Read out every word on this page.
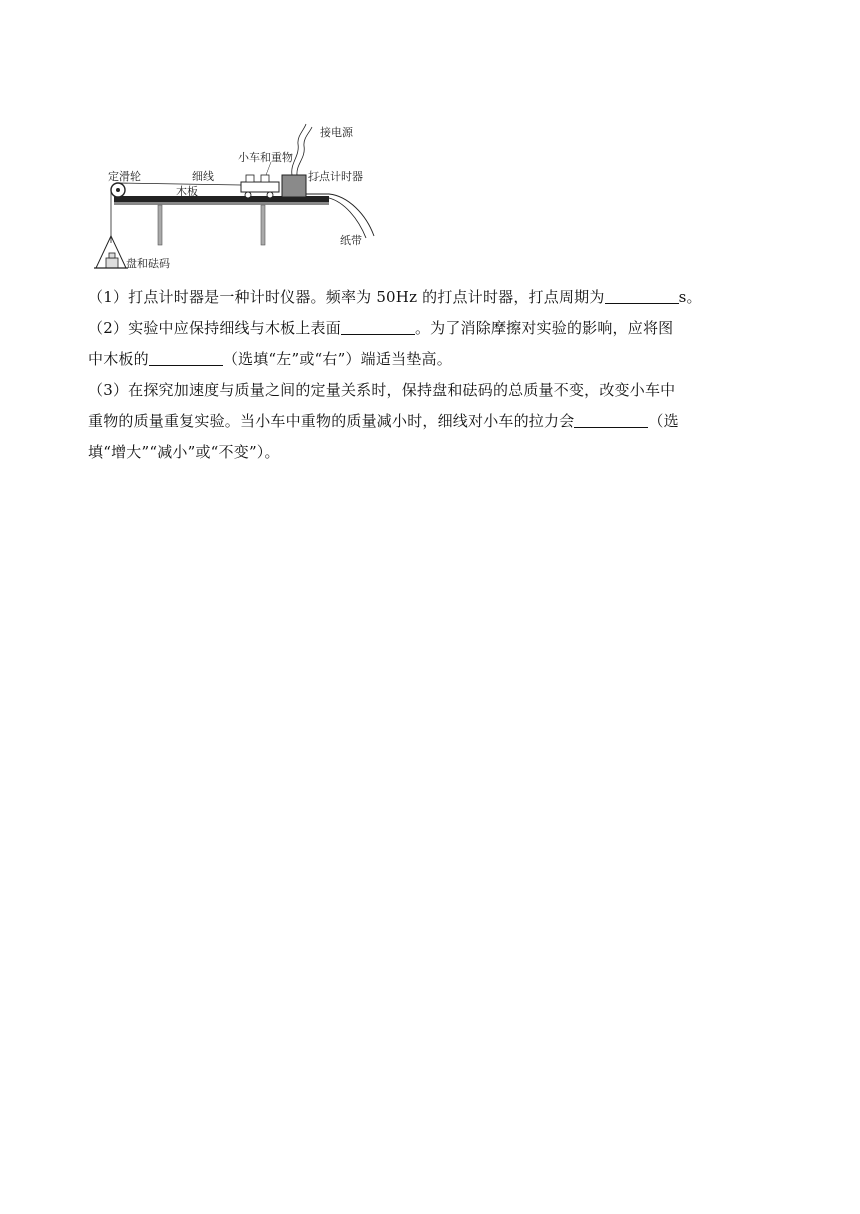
接电源
小车和重物
定滑轮	细线
木板
打点计时器
纸带
盘和砝码

（1）打点计时器是一种计时仪器。频率为 50Hz 的打点计时器，打点周期为	s。

（2）实验中应保持细线与木板上表面	。为了消除摩擦对实验的影响，应将图

中木板的	（选填“左”或“右”）端适当垫高。

（3）在探究加速度与质量之间的定量关系时，保持盘和砝码的总质量不变，改变小车中

重物的质量重复实验。当小车中重物的质量减小时，细线对小车的拉力会	（选

填“增大”“减小”或“不变”）。
